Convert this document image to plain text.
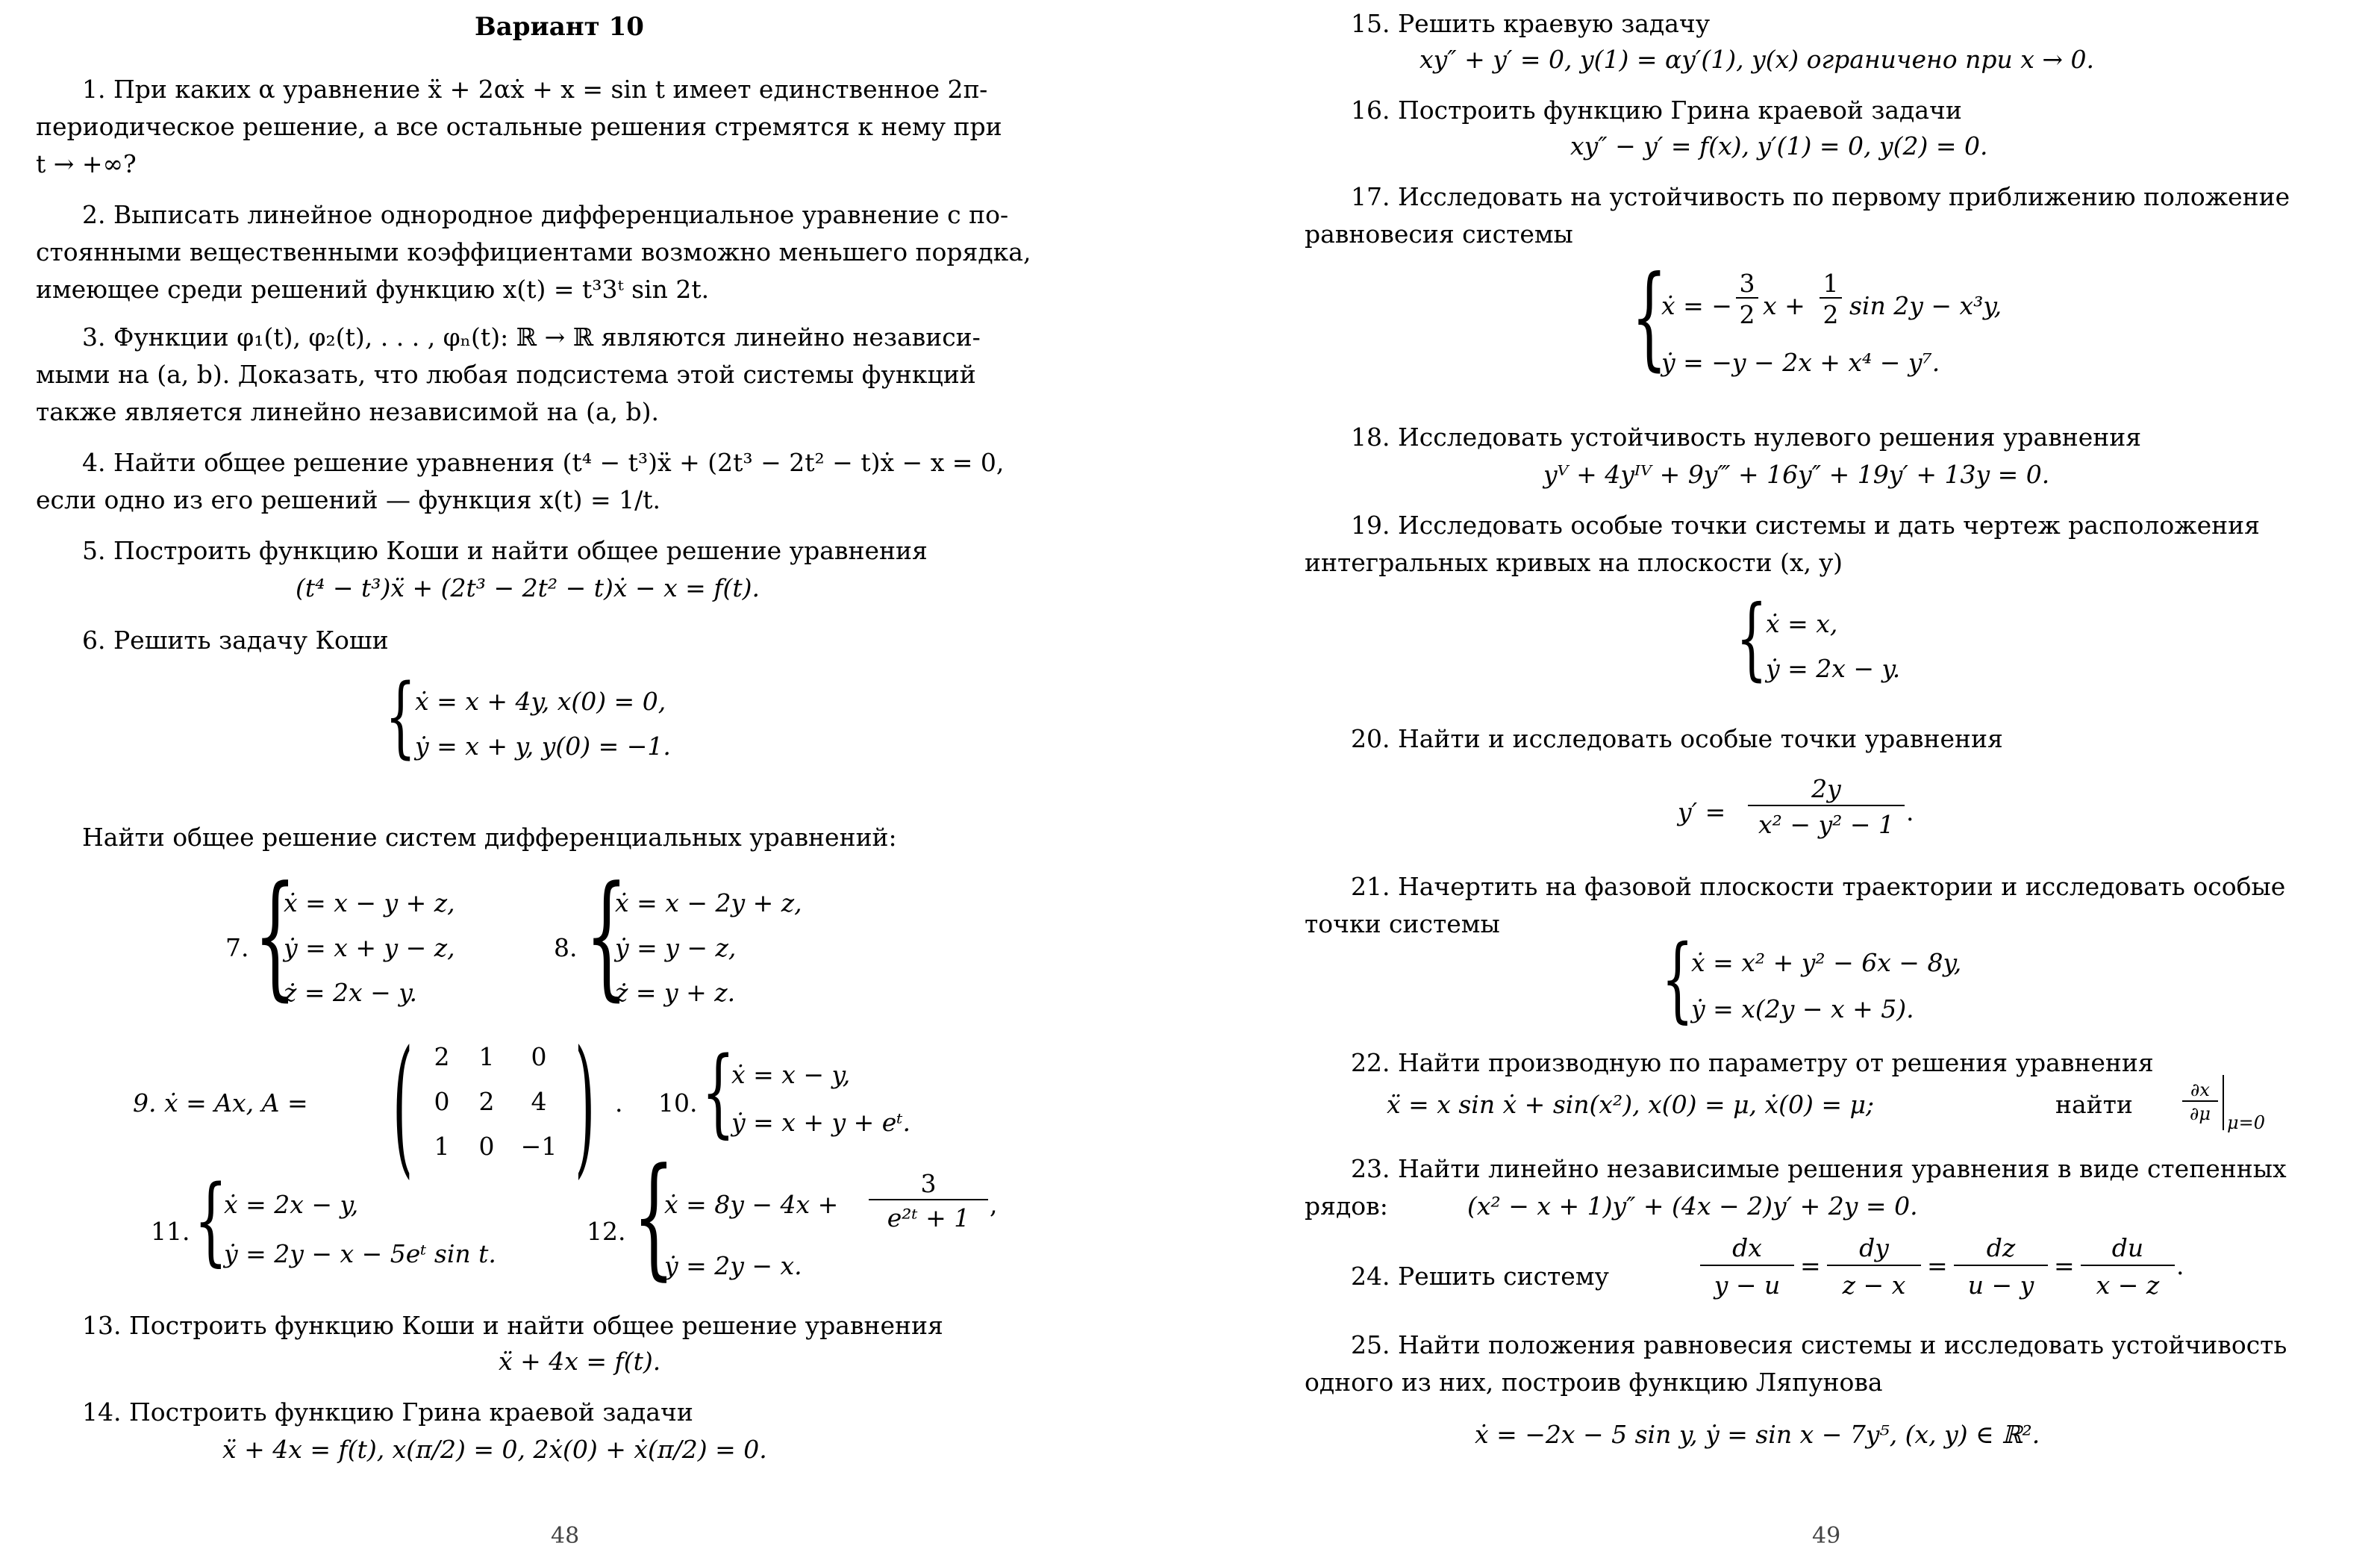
Вариант 10
1. При каких α уравнение ẍ + 2αẋ + x = sin t имеет единственное 2π-
периодическое решение, а все остальные решения стремятся к нему при
t → +∞?
2. Выписать линейное однородное дифференциальное уравнение с по-
стоянными вещественными коэффициентами возможно меньшего порядка,
имеющее среди решений функцию x(t) = t³3ᵗ sin 2t.
3. Функции φ₁(t), φ₂(t), . . . , φₙ(t): ℝ → ℝ являются линейно независи-
мыми на (a, b). Доказать, что любая подсистема этой системы функций
также является линейно независимой на (a, b).
4. Найти общее решение уравнения (t⁴ − t³)ẍ + (2t³ − 2t² − t)ẋ − x = 0,
если одно из его решений — функция x(t) = 1/t.
5. Построить функцию Коши и найти общее решение уравнения
(t⁴ − t³)ẍ + (2t³ − 2t² − t)ẋ − x = f(t).
6. Решить задачу Коши
{
ẋ = x + 4y, x(0) = 0,
ẏ = x + y, y(0) = −1.
Найти общее решение систем дифференциальных уравнений:
7. {
ẋ = x − y + z,
ẏ = x + y − z,
ż = 2x − y.
8. {
ẋ = x − 2y + z,
ẏ = y − z,
ż = y + z.
9. ẋ = Ax, A = ( 2	1	0
0	2	4
1	0	−1 ) . 10. {
ẋ = x − y,
ẏ = x + y + eᵗ.
11. {
ẋ = 2x − y,
ẏ = 2y − x − 5eᵗ sin t.
12. {
ẋ = 8y − 4x +
3
e²ᵗ + 1 ,
ẏ = 2y − x.
13. Построить функцию Коши и найти общее решение уравнения
ẍ + 4x = f(t).
14. Построить функцию Грина краевой задачи
ẍ + 4x = f(t), x(π/2) = 0, 2ẋ(0) + ẋ(π/2) = 0.
48
15. Решить краевую задачу
xy″ + y′ = 0, y(1) = αy′(1), y(x) ограничено при x → 0.
16. Построить функцию Грина краевой задачи
xy″ − y′ = f(x), y′(1) = 0, y(2) = 0.
17. Исследовать на устойчивость по первому приближению положение
равновесия системы
{
ẋ = −
3
2 x +
1
2 sin 2y − x³y,
ẏ = −y − 2x + x⁴ − y⁷.
18. Исследовать устойчивость нулевого решения уравнения
yⱽ + 4yᴵⱽ + 9y‴ + 16y″ + 19y′ + 13y = 0.
19. Исследовать особые точки системы и дать чертеж расположения
интегральных кривых на плоскости (x, y)
{
ẋ = x,
ẏ = 2x − y.
20. Найти и исследовать особые точки уравнения
y′ =
2y
x² − y² − 1 .
21. Начертить на фазовой плоскости траектории и исследовать особые
точки системы
{
ẋ = x² + y² − 6x − 8y,
ẏ = x(2y − x + 5).
22. Найти производную по параметру от решения уравнения
ẍ = x sin ẋ + sin(x²), x(0) = μ, ẋ(0) = μ;	найти	∂x
∂μ μ=0
23. Найти линейно независимые решения уравнения в виде степенных
рядов:	(x² − x + 1)y″ + (4x − 2)y′ + 2y = 0.
24. Решить систему
dx
y − u
=
dy
z − x
=
dz
u − y
=
du
x − z
.
25. Найти положения равновесия системы и исследовать устойчивость
одного из них, построив функцию Ляпунова
ẋ = −2x − 5 sin y, ẏ = sin x − 7y⁵, (x, y) ∈ ℝ².
49
